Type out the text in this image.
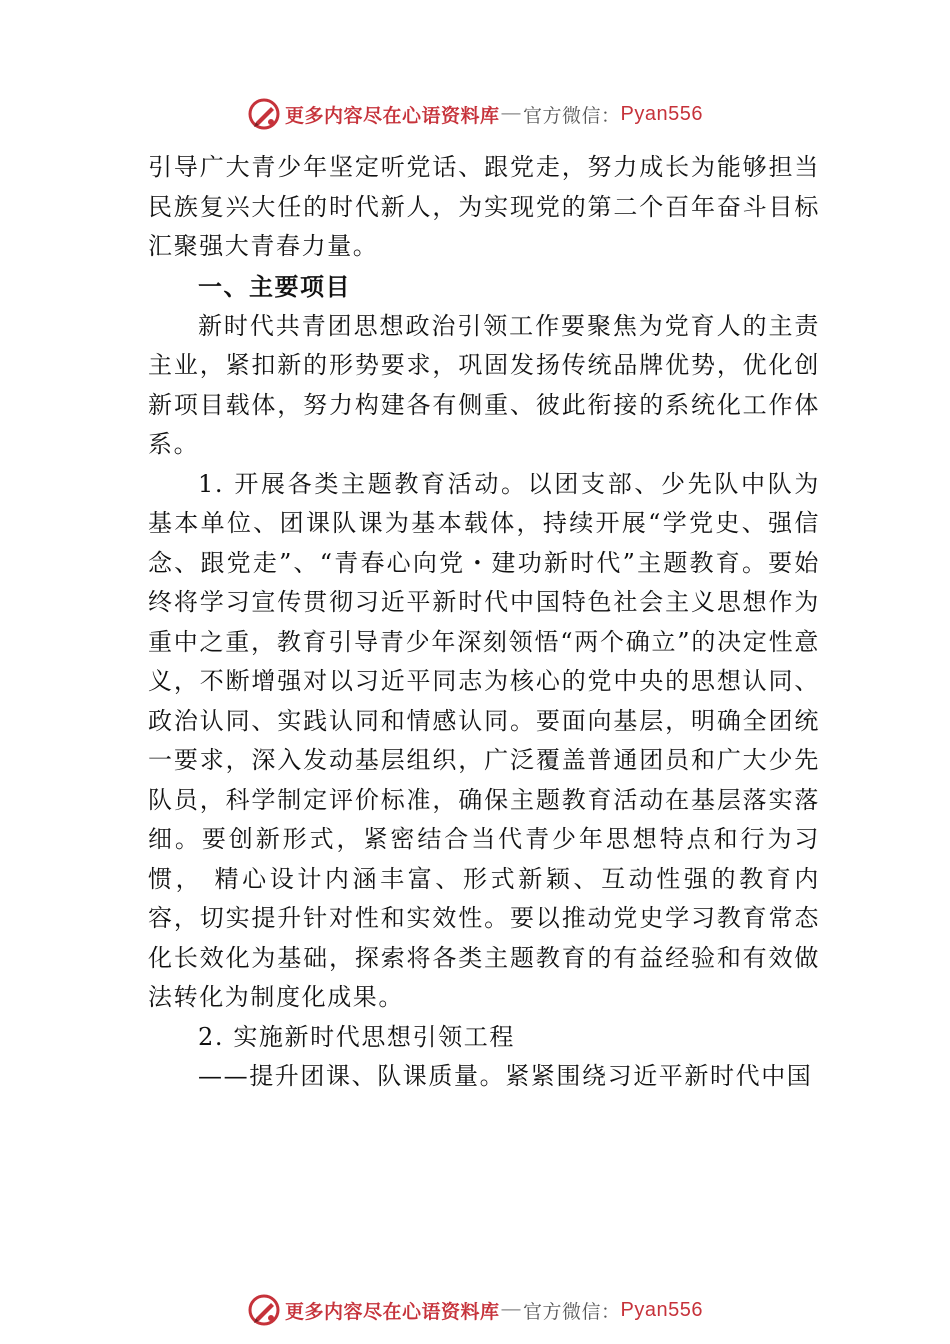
更多内容尽在心语资料库 — 官方微信： Pyan556

引导广大青少年坚定听党话、跟党走，努力成长为能够担当民族复兴大任的时代新人，为实现党的第二个百年奋斗目标汇聚强大青春力量。

一、主要项目

新时代共青团思想政治引领工作要聚焦为党育人的主责主业，紧扣新的形势要求，巩固发扬传统品牌优势，优化创新项目载体，努力构建各有侧重、彼此衔接的系统化工作体系。

1. 开展各类主题教育活动。以团支部、少先队中队为基本单位、团课队课为基本载体，持续开展“学党史、强信念、跟党走”、“青春心向党・建功新时代”主题教育。要始终将学习宣传贯彻习近平新时代中国特色社会主义思想作为重中之重，教育引导青少年深刻领悟“两个确立”的决定性意义，不断增强对以习近平同志为核心的党中央的思想认同、政治认同、实践认同和情感认同。要面向基层，明确全团统一要求，深入发动基层组织，广泛覆盖普通团员和广大少先队员，科学制定评价标准，确保主题教育活动在基层落实落细。要创新形式，紧密结合当代青少年思想特点和行为习惯， 精心设计内涵丰富、形式新颖、互动性强的教育内容，切实提升针对性和实效性。要以推动党史学习教育常态化长效化为基础，探索将各类主题教育的有益经验和有效做法转化为制度化成果。

2. 实施新时代思想引领工程

——提升团课、队课质量。紧紧围绕习近平新时代中国

更多内容尽在心语资料库 — 官方微信： Pyan556
